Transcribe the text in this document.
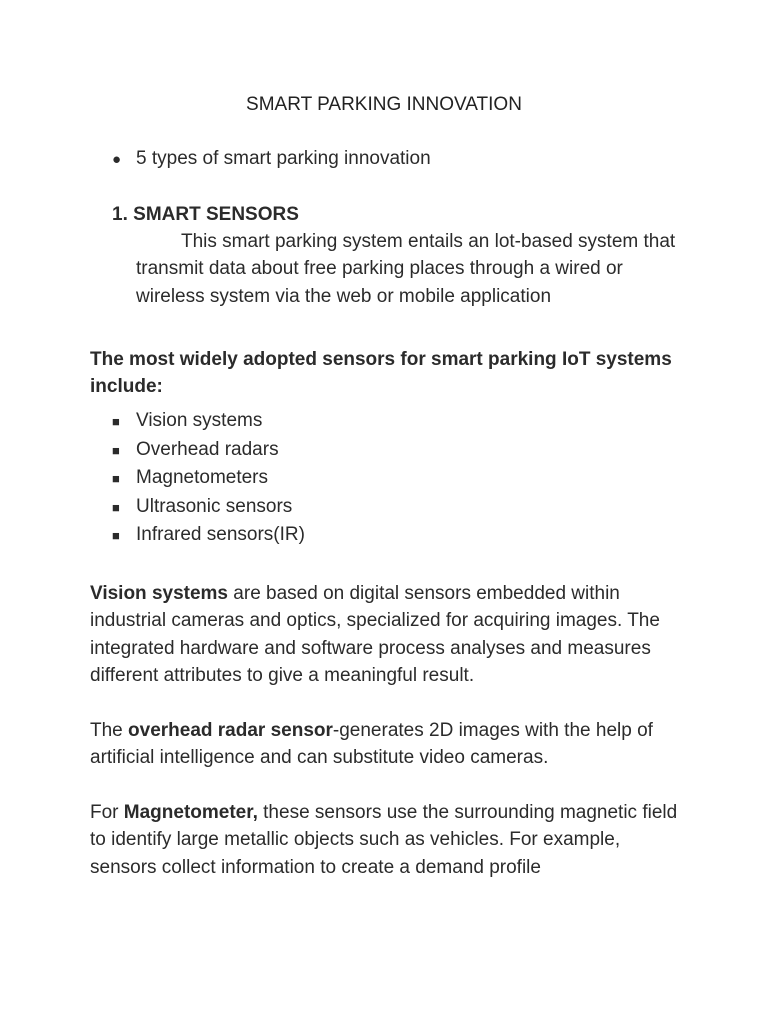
SMART PARKING INNOVATION
● 5 types of smart parking innovation
1. SMART SENSORS
This smart parking system entails an lot-based system that transmit data about free parking places through a wired or wireless system via the web or mobile application
The most widely adopted sensors for smart parking IoT systems include:
■ Vision systems
■ Overhead radars
■ Magnetometers
■ Ultrasonic sensors
■ Infrared sensors(IR)

Vision systems are based on digital sensors embedded within industrial cameras and optics, specialized for acquiring images. The integrated hardware and software process analyses and measures different attributes to give a meaningful result.

The overhead radar sensor-generates 2D images with the help of artificial intelligence and can substitute video cameras.

For Magnetometer, these sensors use the surrounding magnetic field to identify large metallic objects such as vehicles. For example, sensors collect information to create a demand profile
